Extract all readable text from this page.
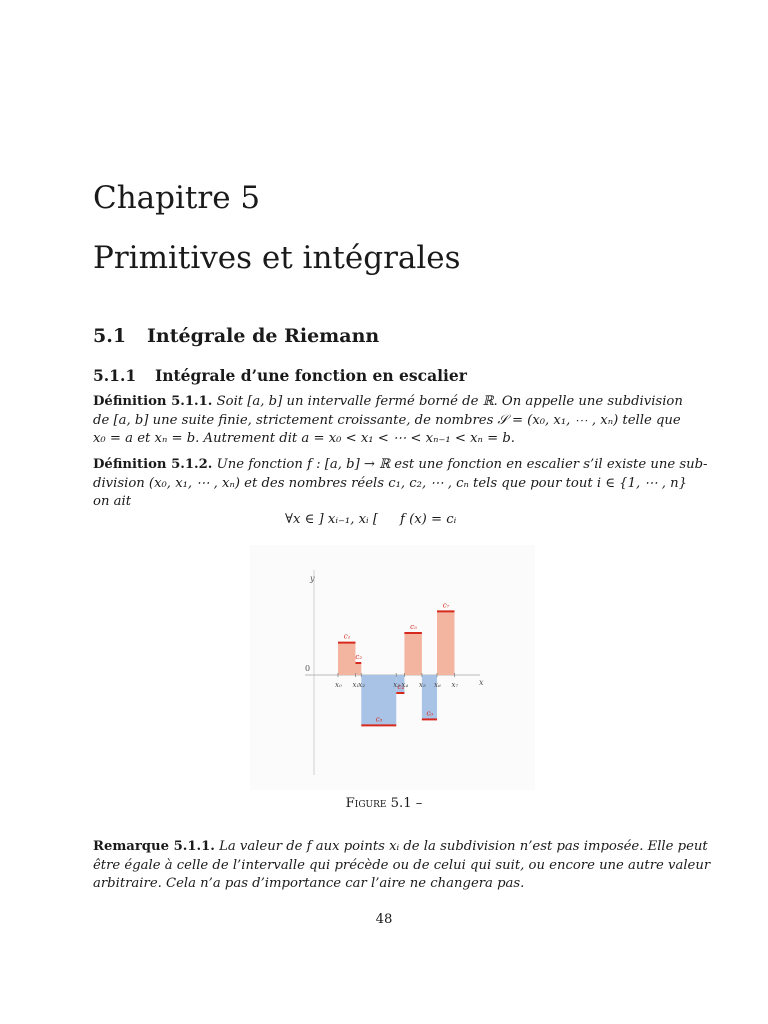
Chapitre 5
Primitives et intégrales
5.1 Intégrale de Riemann
5.1.1 Intégrale d’une fonction en escalier
Définition 5.1.1. Soit [a, b] un intervalle fermé borné de ℝ. On appelle une subdivision
de [a, b] une suite finie, strictement croissante, de nombres 𝒮 = (x₀, x₁, ⋯ , xₙ) telle que
x₀ = a et xₙ = b. Autrement dit a = x₀ < x₁ < ⋯ < xₙ₋₁ < xₙ = b.
Définition 5.1.2. Une fonction f : [a, b] → ℝ est une fonction en escalier s’il existe une sub-
division (x₀, x₁, ⋯ , xₙ) et des nombres réels c₁, c₂, ⋯ , cₙ tels que pour tout i ∈ {1, ⋯ , n}
on ait
∀x ∈ ] xᵢ₋₁, xᵢ [ f (x) = cᵢ
y
x
0
c₁
c₂
c₃
c₄
c₅
c₆
c₇
x₀ x₁ x₂	x₃ x₄ x₅ x₆ x₇
Figure 5.1 –
Remarque 5.1.1. La valeur de f aux points xᵢ de la subdivision n’est pas imposée. Elle peut
être égale à celle de l’intervalle qui précède ou de celui qui suit, ou encore une autre valeur
arbitraire. Cela n’a pas d’importance car l’aire ne changera pas.
48
